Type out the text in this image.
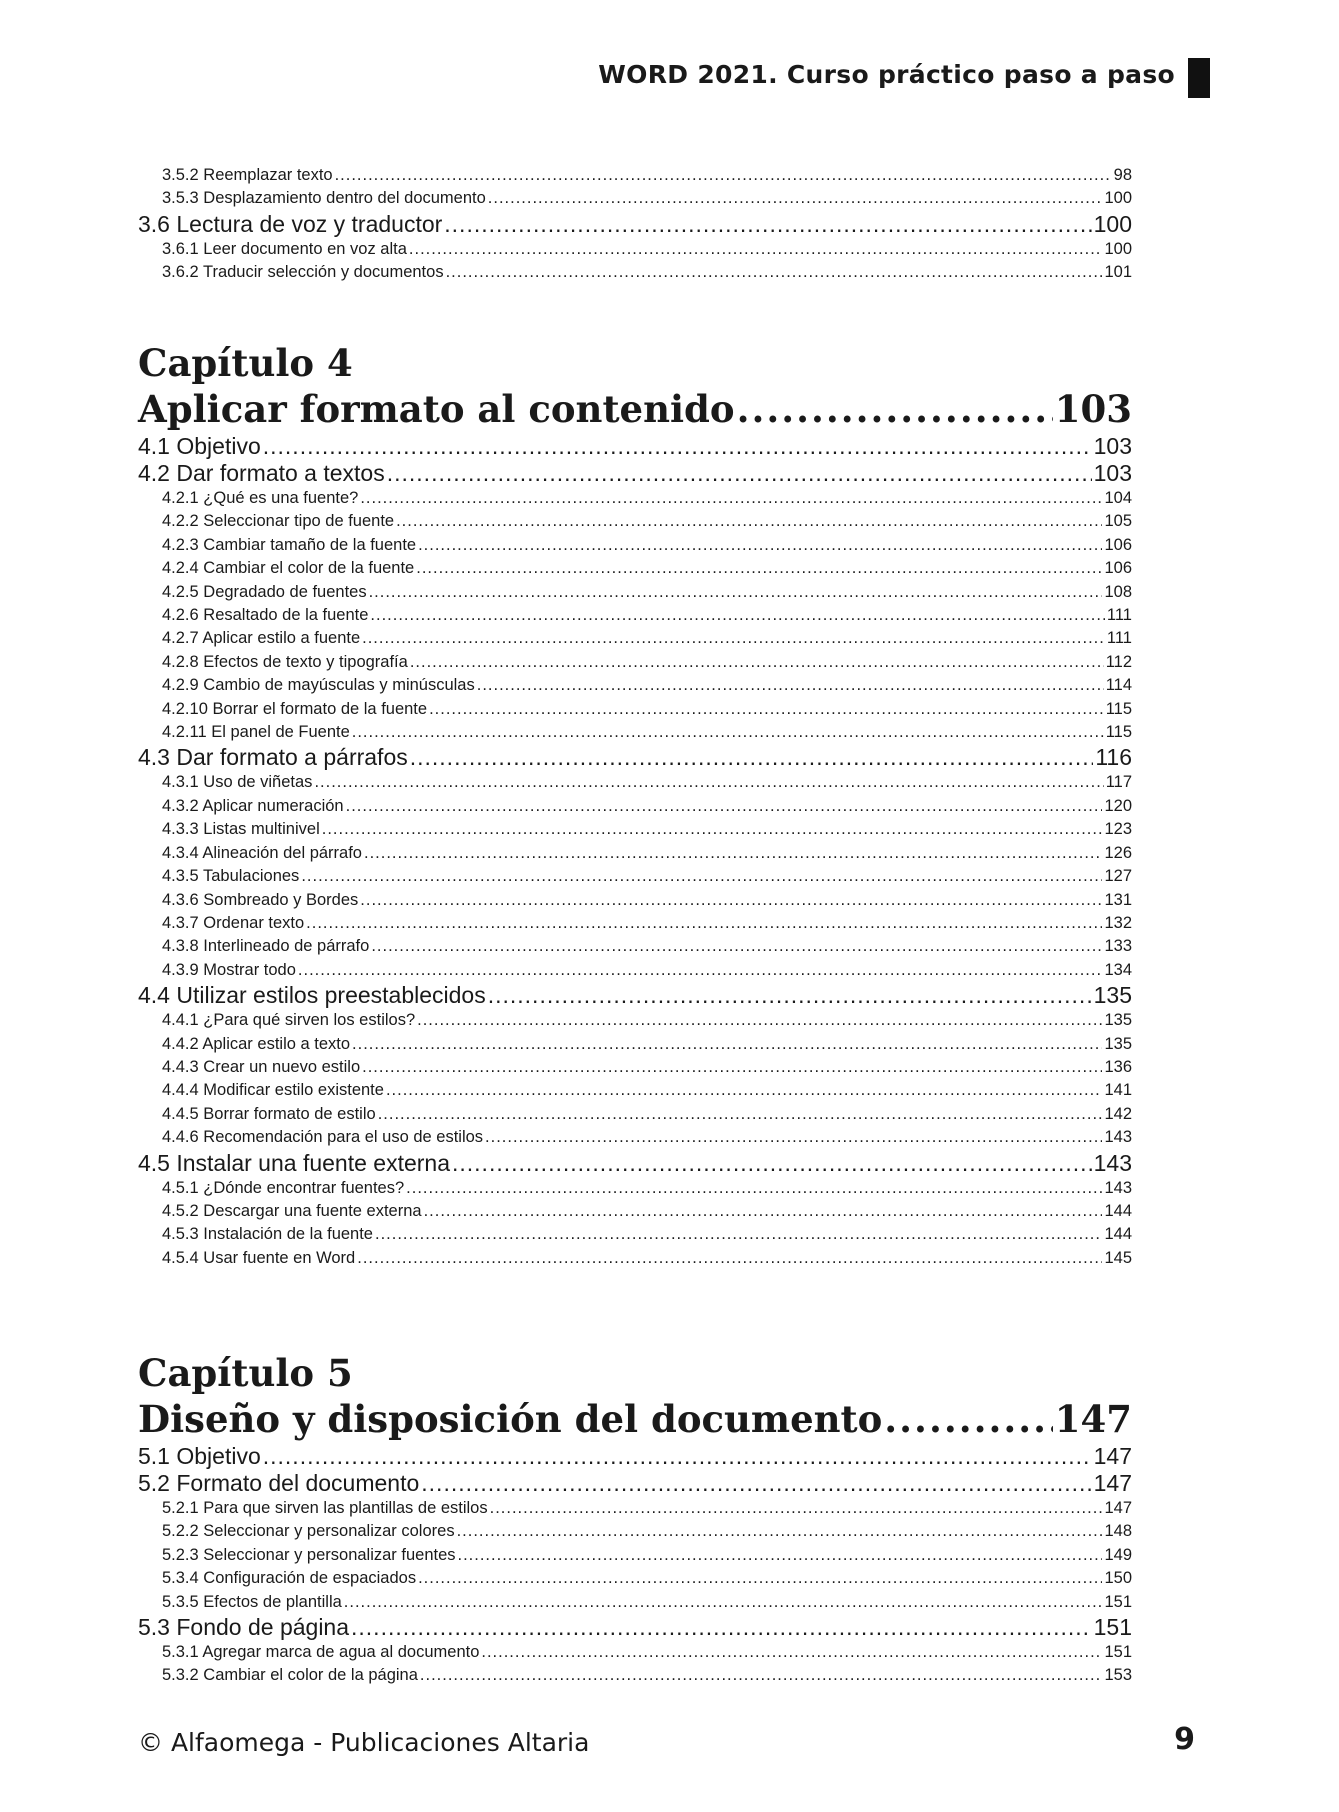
WORD 2021. Curso práctico paso a paso
3.5.2 Reemplazar texto .....	98
3.5.3 Desplazamiento dentro del documento .....	100
3.6 Lectura de voz y traductor .....	100
3.6.1 Leer documento en voz alta .....	100
3.6.2 Traducir selección y documentos .....	101
Capítulo 4
Aplicar formato al contenido .....	103
4.1 Objetivo .....	103
4.2 Dar formato a textos .....	103
4.2.1 ¿Qué es una fuente? .....	104
4.2.2 Seleccionar tipo de fuente .....	105
4.2.3 Cambiar tamaño de la fuente .....	106
4.2.4 Cambiar el color de la fuente .....	106
4.2.5 Degradado de fuentes .....	108
4.2.6 Resaltado de la fuente .....	111
4.2.7 Aplicar estilo a fuente .....	111
4.2.8 Efectos de texto y tipografía .....	112
4.2.9 Cambio de mayúsculas y minúsculas .....	114
4.2.10 Borrar el formato de la fuente .....	115
4.2.11 El panel de Fuente .....	115
4.3 Dar formato a párrafos .....	116
4.3.1 Uso de viñetas .....	117
4.3.2 Aplicar numeración .....	120
4.3.3 Listas multinivel .....	123
4.3.4 Alineación del párrafo .....	126
4.3.5 Tabulaciones .....	127
4.3.6 Sombreado y Bordes .....	131
4.3.7 Ordenar texto .....	132
4.3.8 Interlineado de párrafo .....	133
4.3.9 Mostrar todo .....	134
4.4 Utilizar estilos preestablecidos .....	135
4.4.1 ¿Para qué sirven los estilos? .....	135
4.4.2 Aplicar estilo a texto .....	135
4.4.3 Crear un nuevo estilo .....	136
4.4.4 Modificar estilo existente .....	141
4.4.5 Borrar formato de estilo .....	142
4.4.6 Recomendación para el uso de estilos .....	143
4.5 Instalar una fuente externa .....	143
4.5.1 ¿Dónde encontrar fuentes? .....	143
4.5.2 Descargar una fuente externa .....	144
4.5.3 Instalación de la fuente .....	144
4.5.4 Usar fuente en Word .....	145
Capítulo 5
Diseño y disposición del documento .....	147
5.1 Objetivo .....	147
5.2 Formato del documento .....	147
5.2.1 Para que sirven las plantillas de estilos .....	147
5.2.2 Seleccionar y personalizar colores .....	148
5.2.3 Seleccionar y personalizar fuentes .....	149
5.3.4 Configuración de espaciados .....	150
5.3.5 Efectos de plantilla .....	151
5.3 Fondo de página .....	151
5.3.1 Agregar marca de agua al documento .....	151
5.3.2 Cambiar el color de la página .....	153
© Alfaomega - Publicaciones Altaria	9
